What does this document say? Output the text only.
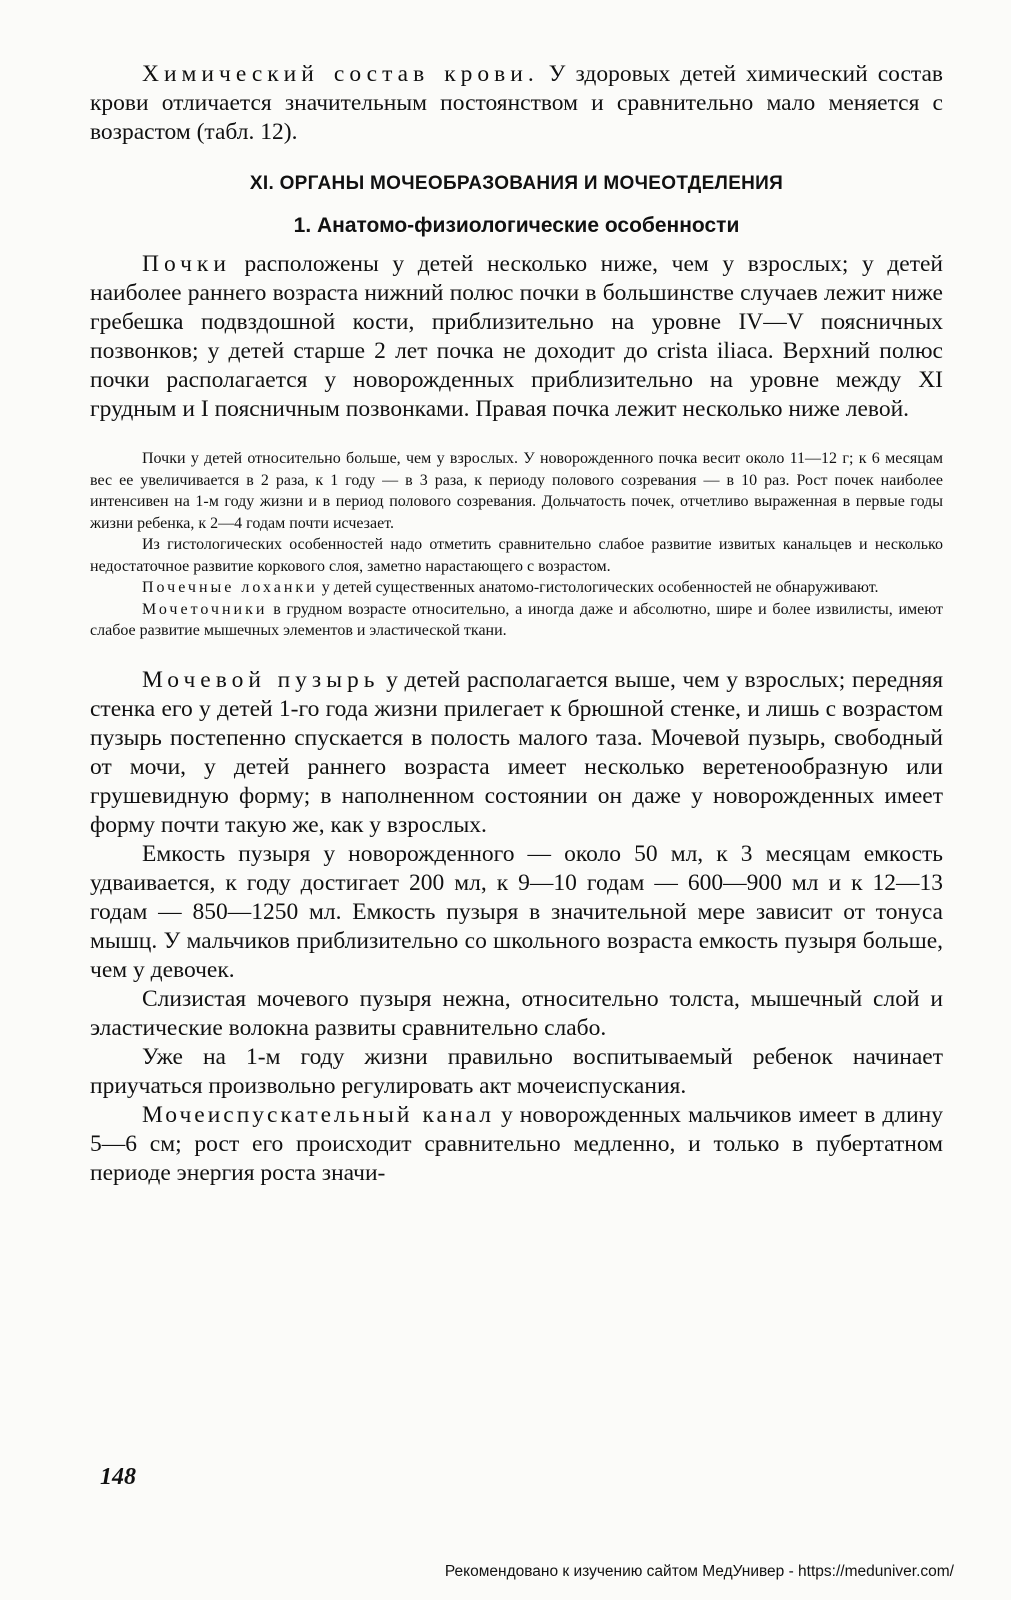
Химический состав крови. У здоровых детей химический состав крови отличается значительным постоянством и сравнительно мало меняется с возрастом (табл. 12).

XI. ОРГАНЫ МОЧЕОБРАЗОВАНИЯ И МОЧЕОТДЕЛЕНИЯ
1. Анатомо-физиологические особенности

Почки расположены у детей несколько ниже, чем у взрослых; у детей наиболее раннего возраста нижний полюс почки в большинстве случаев лежит ниже гребешка подвздошной кости, приблизительно на уровне IV—V поясничных позвонков; у детей старше 2 лет почка не доходит до crista iliaca. Верхний полюс почки располагается у новорожденных приблизительно на уровне между XI грудным и I поясничным позвонками. Правая почка лежит несколько ниже левой.

Почки у детей относительно больше, чем у взрослых. У новорожденного почка весит около 11—12 г; к 6 месяцам вес ее увеличивается в 2 раза, к 1 году — в 3 раза, к периоду полового созревания — в 10 раз. Рост почек наиболее интенсивен на 1-м году жизни и в период полового созревания. Дольчатость почек, отчетливо выраженная в первые годы жизни ребенка, к 2—4 годам почти исчезает.

Из гистологических особенностей надо отметить сравнительно слабое развитие извитых канальцев и несколько недостаточное развитие коркового слоя, заметно нарастающего с возрастом.

Почечные лоханки у детей существенных анатомо-гистологических особенностей не обнаруживают.

Мочеточники в грудном возрасте относительно, а иногда даже и абсолютно, шире и более извилисты, имеют слабое развитие мышечных элементов и эластической ткани.

Мочевой пузырь у детей располагается выше, чем у взрослых; передняя стенка его у детей 1-го года жизни прилегает к брюшной стенке, и лишь с возрастом пузырь постепенно спускается в полость малого таза. Мочевой пузырь, свободный от мочи, у детей раннего возраста имеет несколько веретенообразную или грушевидную форму; в наполненном состоянии он даже у новорожденных имеет форму почти такую же, как у взрослых.

Емкость пузыря у новорожденного — около 50 мл, к 3 месяцам емкость удваивается, к году достигает 200 мл, к 9—10 годам — 600—900 мл и к 12—13 годам — 850—1250 мл. Емкость пузыря в значительной мере зависит от тонуса мышц. У мальчиков приблизительно со школьного возраста емкость пузыря больше, чем у девочек.

Слизистая мочевого пузыря нежна, относительно толста, мышечный слой и эластические волокна развиты сравнительно слабо.

Уже на 1-м году жизни правильно воспитываемый ребенок начинает приучаться произвольно регулировать акт мочеиспускания.

Мочеиспускательный канал у новорожденных мальчиков имеет в длину 5—6 см; рост его происходит сравнительно медленно, и только в пубертатном периоде энергия роста значи-

148
Рекомендовано к изучению сайтом МедУнивер - https://meduniver.com/
